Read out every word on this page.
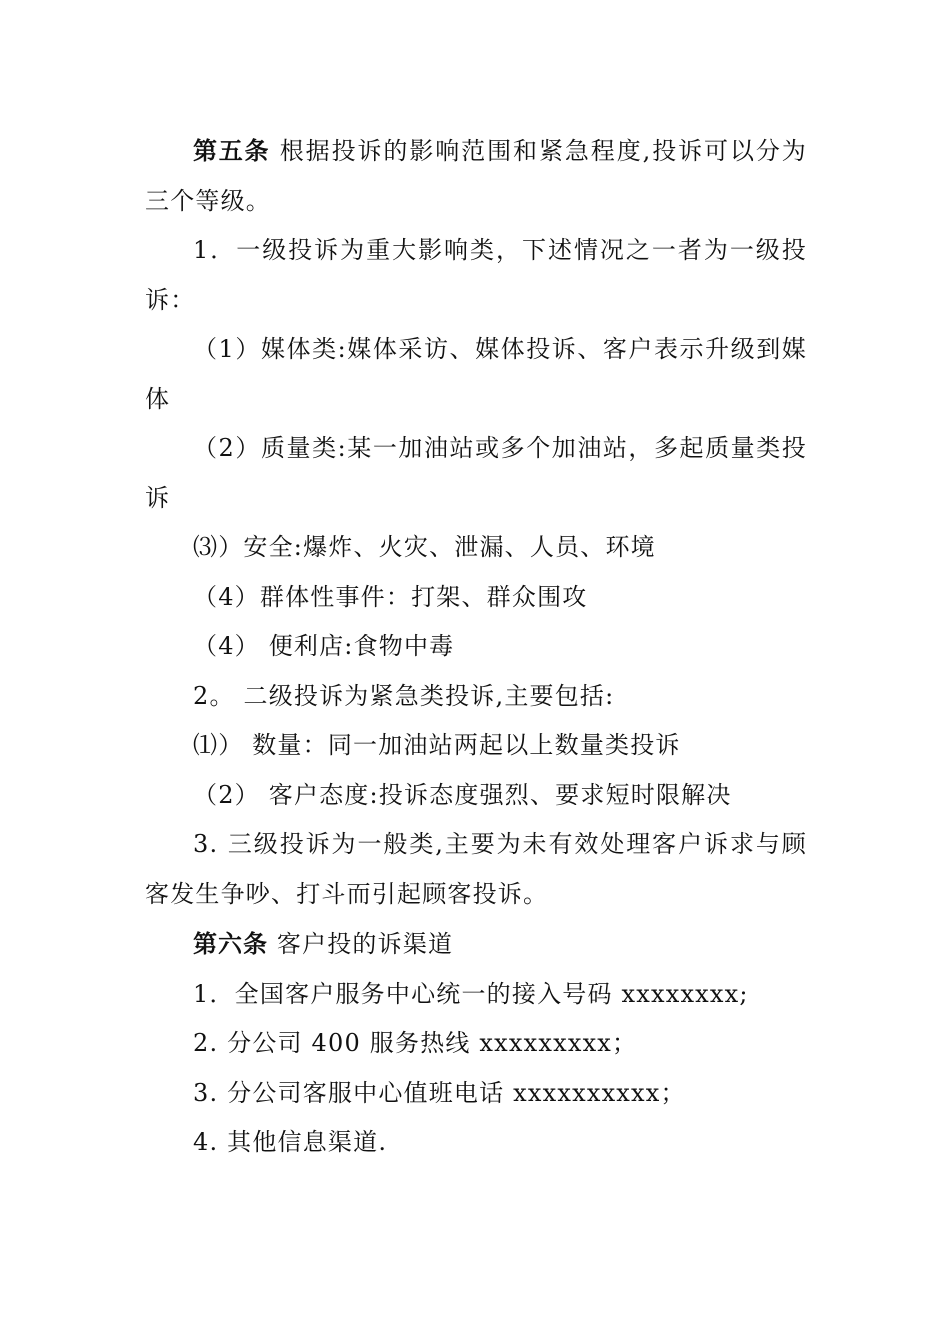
第五条 根据投诉的影响范围和紧急程度,投诉可以分为三个等级。

1．一级投诉为重大影响类，下述情况之一者为一级投诉：

（1）媒体类:媒体采访、媒体投诉、客户表示升级到媒体

（2）质量类:某一加油站或多个加油站，多起质量类投诉

⑶）安全:爆炸、火灾、泄漏、人员、环境

（4）群体性事件：打架、群众围攻

（4） 便利店:食物中毒

2。 二级投诉为紧急类投诉,主要包括:

⑴） 数量：同一加油站两起以上数量类投诉

（2） 客户态度:投诉态度强烈、要求短时限解决

3. 三级投诉为一般类,主要为未有效处理客户诉求与顾客发生争吵、打斗而引起顾客投诉。

第六条 客户投的诉渠道

1．全国客户服务中心统一的接入号码 xxxxxxxx;

2. 分公司 400 服务热线 xxxxxxxxx；

3. 分公司客服中心值班电话 xxxxxxxxxx；

4. 其他信息渠道.
